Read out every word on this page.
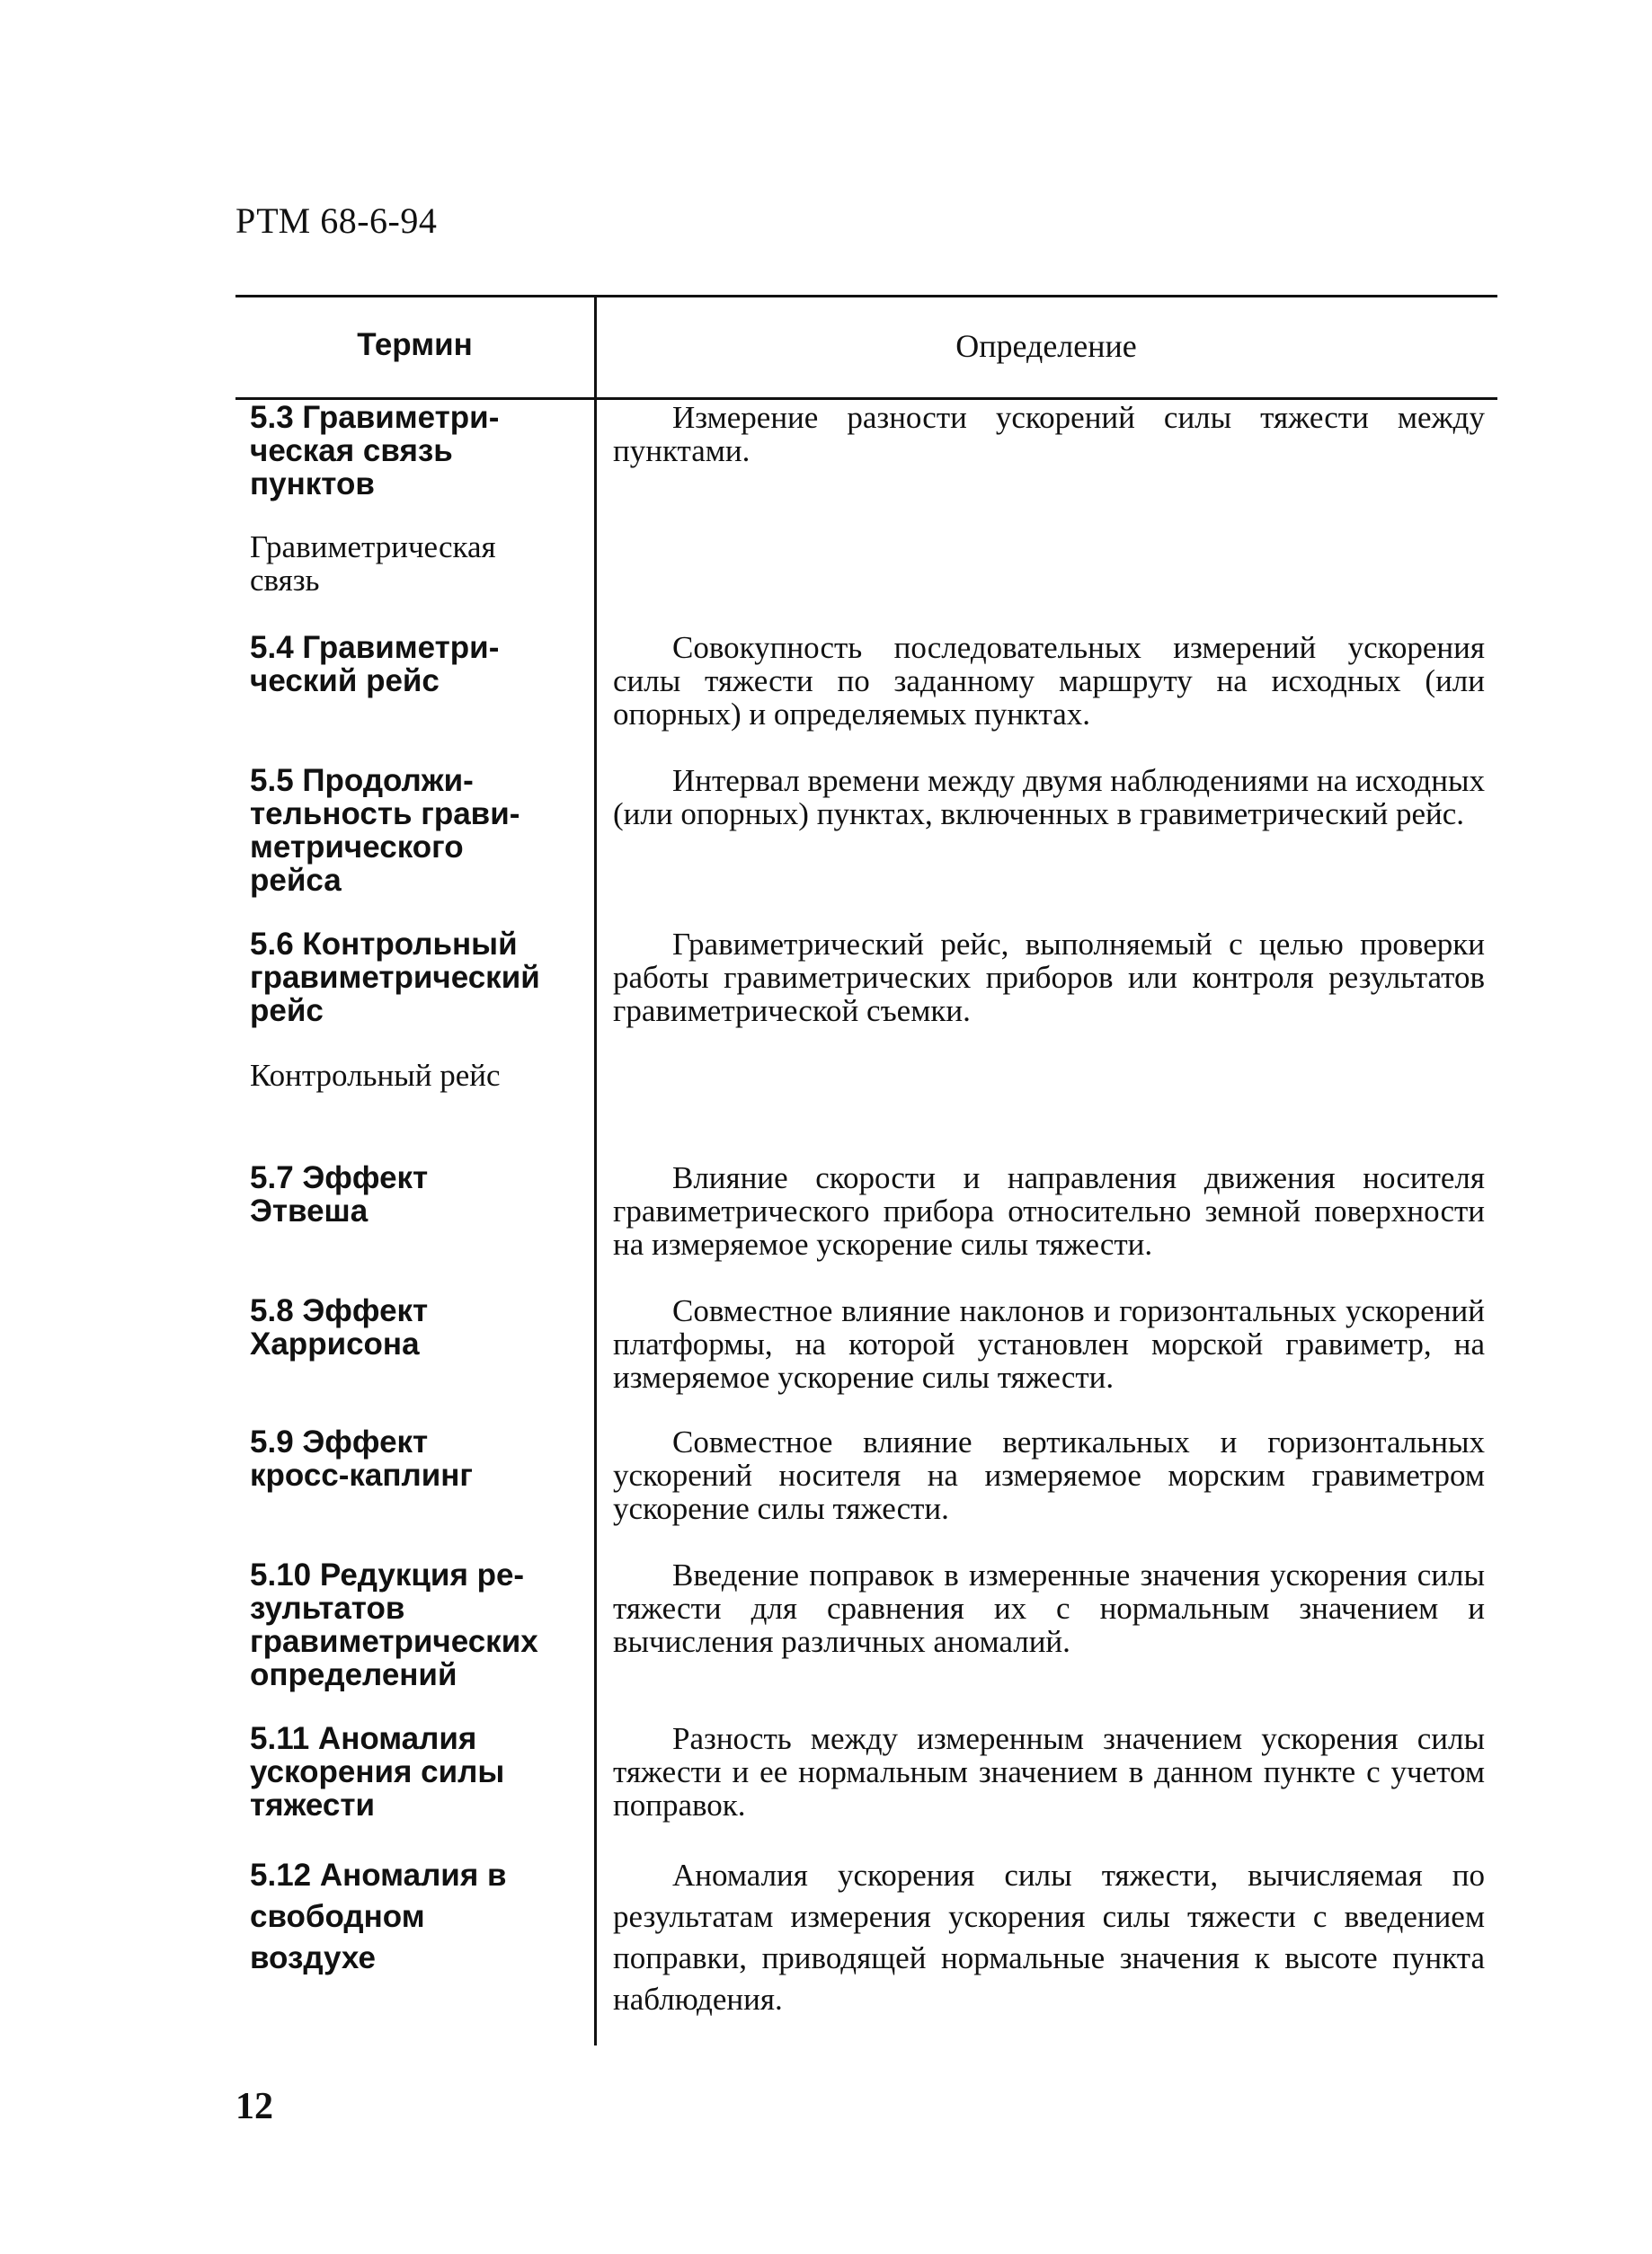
РТМ 68-6-94
Термин	Определение
5.3 Гравиметри-
ческая связь
пунктов
Гравиметрическая
связь
Измерение разности ускорений силы тяжести между пунктами.
5.4 Гравиметри-
ческий рейс
Совокупность последовательных измерений ускорения силы тяжести по заданному маршруту на исходных (или опорных) и определяемых пунктах.
5.5 Продолжи-
тельность грави-
метрического
рейса
Интервал времени между двумя наблюдениями на исходных (или опорных) пунктах, включенных в гравиметрический рейс.
5.6 Контрольный
гравиметрический
рейс
Контрольный рейс
Гравиметрический рейс, выполняемый с целью проверки работы гравиметрических приборов или контроля результатов гравиметрической съемки.
5.7 Эффект
Этвеша
Влияние скорости и направления движения носителя гравиметрического прибора относительно земной поверхности на измеряемое ускорение силы тяжести.
5.8 Эффект
Харрисона
Совместное влияние наклонов и горизонтальных ускорений платформы, на которой установлен морской гравиметр, на измеряемое ускорение силы тяжести.
5.9 Эффект
кросс-каплинг
Совместное влияние вертикальных и горизонтальных ускорений носителя на измеряемое морским гравиметром ускорение силы тяжести.
5.10 Редукция ре-
зультатов
гравиметрических
определений
Введение поправок в измеренные значения ускорения силы тяжести для сравнения их с нормальным значением и вычисления различных аномалий.
5.11 Аномалия
ускорения силы
тяжести
Разность между измеренным значением ускорения силы тяжести и ее нормальным значением в данном пункте с учетом поправок.
5.12 Аномалия в
свободном
воздухе
Аномалия ускорения силы тяжести, вычисляемая по результатам измерения ускорения силы тяжести с введением поправки, приводящей нормальные значения к высоте пункта наблюдения.
12
